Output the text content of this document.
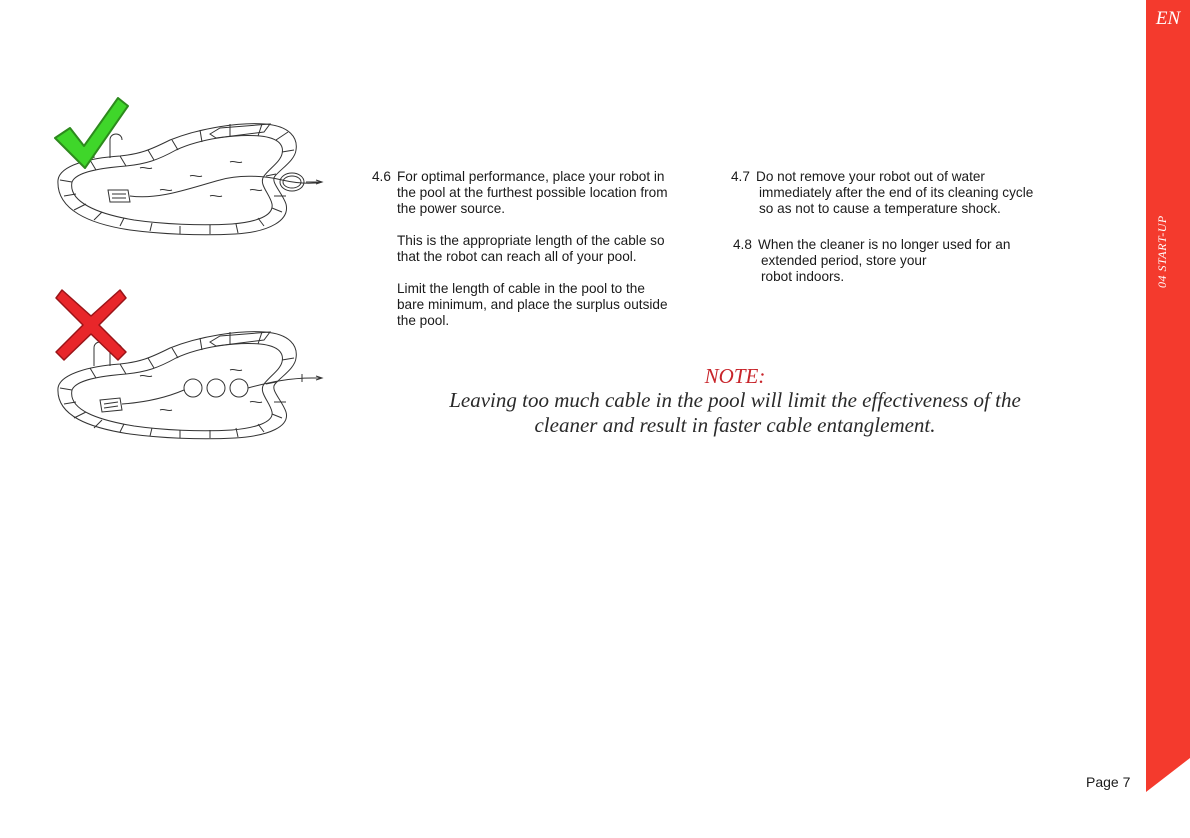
EN
04 START-UP
4.6 For optimal performance, place your robot in
the pool at the furthest possible location from
the power source.
This is the appropriate length of the cable so
that the robot can reach all of your pool.
Limit the length of cable in the pool to the
bare minimum, and place the surplus outside
the pool.
4.7 Do not remove your robot out of water
immediately after the end of its cleaning cycle
so as not to cause a temperature shock.
4.8 When the cleaner is no longer used for an
extended period, store your
robot indoors.
NOTE:
Leaving too much cable in the pool will limit the effectiveness of the
cleaner and result in faster cable entanglement.
Page 7
